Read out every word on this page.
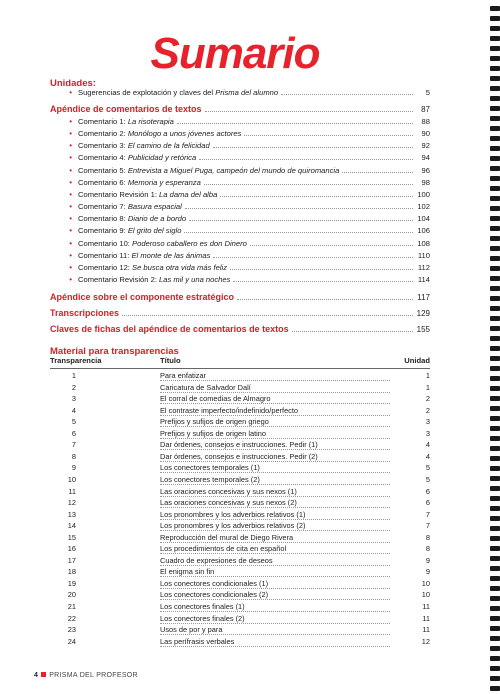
Sumario
Unidades:
• Sugerencias de explotación y claves del Prisma del alumno	5
Apéndice de comentarios de textos	87
• Comentario 1: La risoterapia	88
• Comentario 2: Monólogo a unos jóvenes actores	90
• Comentario 3: El camino de la felicidad	92
• Comentario 4: Publicidad y retórica	94
• Comentario 5: Entrevista a Miguel Puga, campeón del mundo de quiromancia	96
• Comentario 6: Memoria y esperanza	98
• Comentario Revisión 1: La dama del alba	100
• Comentario 7: Basura espacial	102
• Comentario 8: Diario de a bordo	104
• Comentario 9: El grito del siglo	106
• Comentario 10: Poderoso caballero es don Dinero	108
• Comentario 11: El monte de las ánimas	110
• Comentario 12: Se busca otra vida más feliz	112
• Comentario Revisión 2: Las mil y una noches	114
Apéndice sobre el componente estratégico	117
Transcripciones	129
Claves de fichas del apéndice de comentarios de textos	155
Material para transparencias
Transparencia	Título	Unidad
1	Para enfatizar	1
2	Caricatura de Salvador Dalí	1
3	El corral de comedias de Almagro	2
4	El contraste imperfecto/indefinido/perfecto	2
5	Prefijos y sufijos de origen griego	3
6	Prefijos y sufijos de origen latino	3
7	Dar órdenes, consejos e instrucciones. Pedir (1)	4
8	Dar órdenes, consejos e instrucciones. Pedir (2)	4
9	Los conectores temporales (1)	5
10	Los conectores temporales (2)	5
11	Las oraciones concesivas y sus nexos (1)	6
12	Las oraciones concesivas y sus nexos (2)	6
13	Los pronombres y los adverbios relativos (1)	7
14	Los pronombres y los adverbios relativos (2)	7
15	Reproducción del mural de Diego Rivera	8
16	Los procedimientos de cita en español	8
17	Cuadro de expresiones de deseos	9
18	El enigma sin fin	9
19	Los conectores condicionales (1)	10
20	Los conectores condicionales (2)	10
21	Los conectores finales (1)	11
22	Los conectores finales (2)	11
23	Usos de por y para	11
24	Las perífrasis verbales	12
4 PRISMA DEL PROFESOR
